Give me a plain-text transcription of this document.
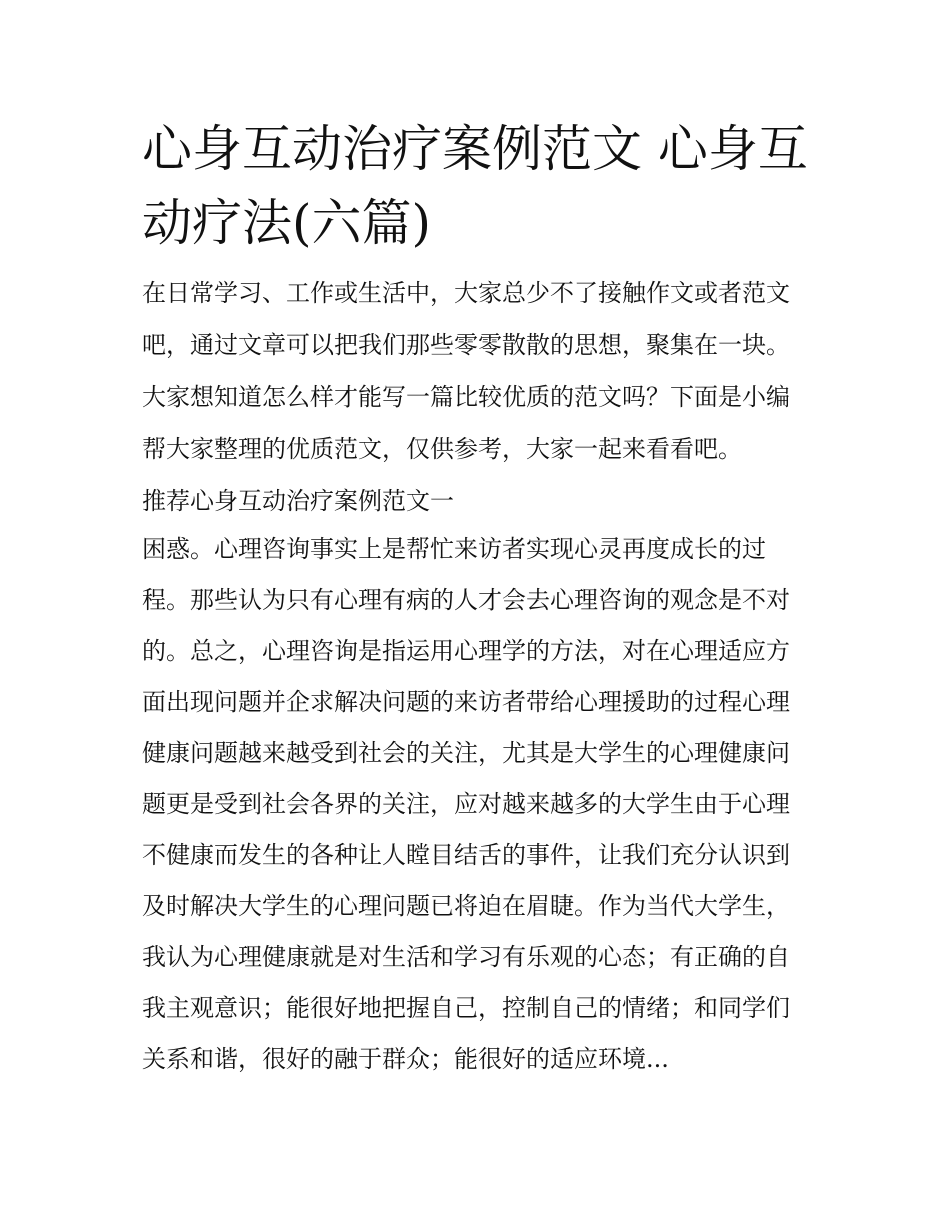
心身互动治疗案例范文 心身互
动疗法(六篇)
在日常学习、工作或生活中，大家总少不了接触作文或者范文
吧，通过文章可以把我们那些零零散散的思想，聚集在一块。
大家想知道怎么样才能写一篇比较优质的范文吗？下面是小编
帮大家整理的优质范文，仅供参考，大家一起来看看吧。
推荐心身互动治疗案例范文一
困惑。心理咨询事实上是帮忙来访者实现心灵再度成长的过
程。那些认为只有心理有病的人才会去心理咨询的观念是不对
的。总之，心理咨询是指运用心理学的方法，对在心理适应方
面出现问题并企求解决问题的来访者带给心理援助的过程心理
健康问题越来越受到社会的关注，尤其是大学生的心理健康问
题更是受到社会各界的关注，应对越来越多的大学生由于心理
不健康而发生的各种让人瞠目结舌的事件，让我们充分认识到
及时解决大学生的心理问题已将迫在眉睫。作为当代大学生，
我认为心理健康就是对生活和学习有乐观的心态；有正确的自
我主观意识；能很好地把握自己，控制自己的情绪；和同学们
关系和谐，很好的融于群众；能很好的适应环境...
